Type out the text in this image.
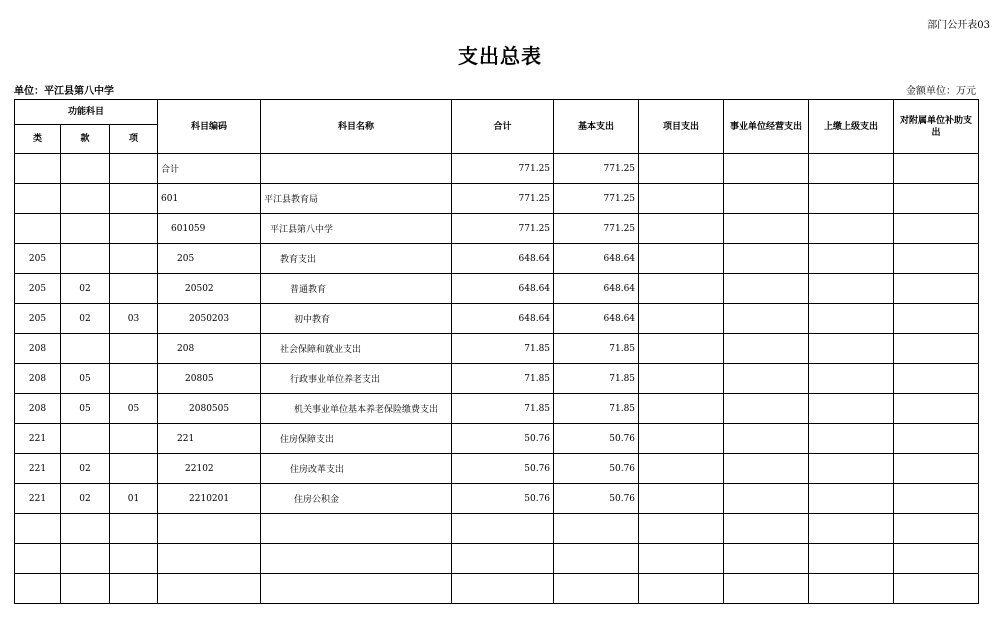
部门公开表03
支出总表
单位：平江县第八中学	金额单位：万元
功能科目			科目编码	科目名称	合计	基本支出	项目支出	事业单位经营支出	上缴上级支出	对附属单位补助支出
类	款	项								
			合计		771.25	771.25				
			601	平江县教育局	771.25	771.25				
			601059	平江县第八中学	771.25	771.25				
205			205	教育支出	648.64	648.64				
205	02		20502	普通教育	648.64	648.64				
205	02	03	2050203	初中教育	648.64	648.64				
208			208	社会保障和就业支出	71.85	71.85				
208	05		20805	行政事业单位养老支出	71.85	71.85				
208	05	05	2080505	机关事业单位基本养老保险缴费支出	71.85	71.85				
221			221	住房保障支出	50.76	50.76				
221	02		22102	住房改革支出	50.76	50.76				
221	02	01	2210201	住房公积金	50.76	50.76				
